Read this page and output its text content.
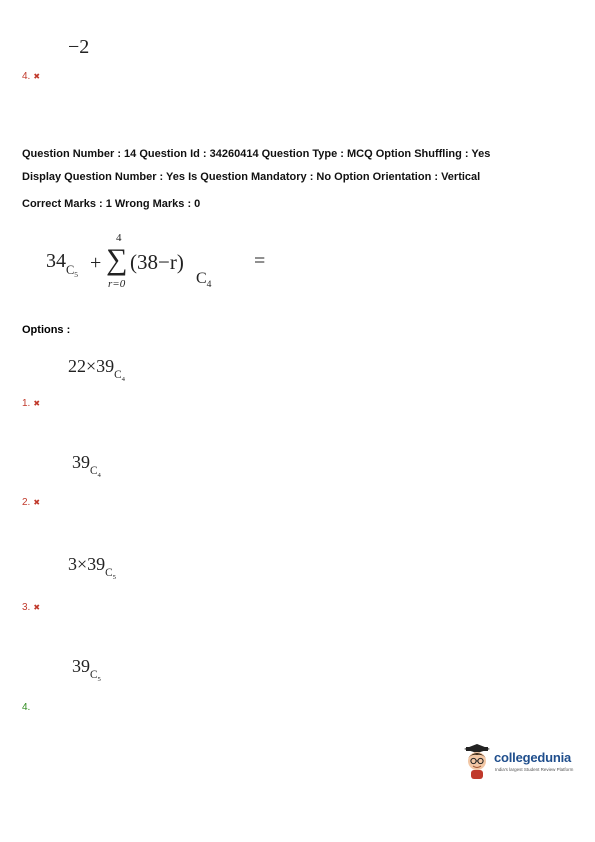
−2
4. ✖
Question Number : 14 Question Id : 34260414 Question Type : MCQ Option Shuffling : Yes
Display Question Number : Yes Is Question Mandatory : No Option Orientation : Vertical
Correct Marks : 1 Wrong Marks : 0
$34_{C_5}$
+
4
∑
r=0
(38−r)
$C_4$
=
Options :
$22\times 39_{C_4}$
1. ✖
$39_{C_4}$
2. ✖
$3\times 39_{C_5}$
3. ✖
$39_{C_5}$
4.
collegedunia
India's largest Student Review Platform
